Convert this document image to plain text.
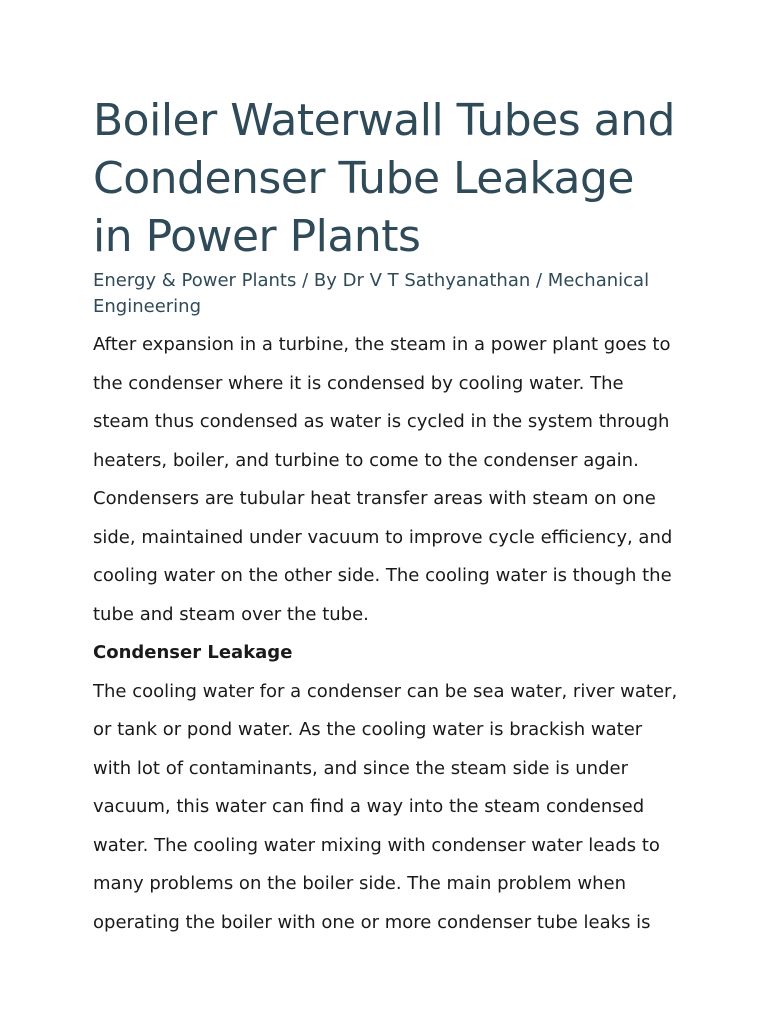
Boiler Waterwall Tubes and Condenser Tube Leakage in Power Plants
Energy & Power Plants / By Dr V T Sathyanathan / Mechanical Engineering

After expansion in a turbine, the steam in a power plant goes to the condenser where it is condensed by cooling water. The steam thus condensed as water is cycled in the system through heaters, boiler, and turbine to come to the condenser again. Condensers are tubular heat transfer areas with steam on one side, maintained under vacuum to improve cycle efficiency, and cooling water on the other side. The cooling water is though the tube and steam over the tube.

Condenser Leakage

The cooling water for a condenser can be sea water, river water, or tank or pond water. As the cooling water is brackish water with lot of contaminants, and since the steam side is under vacuum, this water can find a way into the steam condensed water. The cooling water mixing with condenser water leads to many problems on the boiler side. The main problem when operating the boiler with one or more condenser tube leaks is
